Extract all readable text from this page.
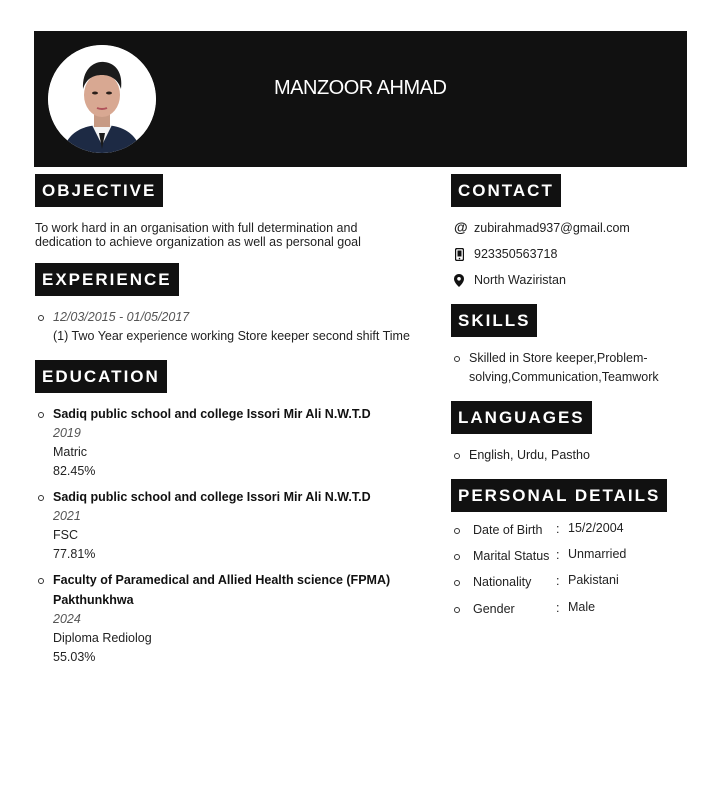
MANZOOR AHMAD
OBJECTIVE
To work hard in an organisation with full determination and
dedication to achieve organization as well as personal goal
EXPERIENCE
12/03/2015 - 01/05/2017
(1) Two Year experience working Store keeper second shift Time
EDUCATION
Sadiq public school and college Issori Mir Ali N.W.T.D
2019
Matric
82.45%
Sadiq public school and college Issori Mir Ali N.W.T.D
2021
FSC
77.81%
Faculty of Paramedical and Allied Health science (FPMA)
Pakthunkhwa
2024
Diploma Rediolog
55.03%
CONTACT
@ zubirahmad937@gmail.com
923350563718
North Waziristan
SKILLS
Skilled in Store keeper,Problem-
solving,Communication,Teamwork
LANGUAGES
English, Urdu, Pastho
PERSONAL DETAILS
Date of Birth : 15/2/2004
Marital Status : Unmarried
Nationality : Pakistani
Gender	: Male
